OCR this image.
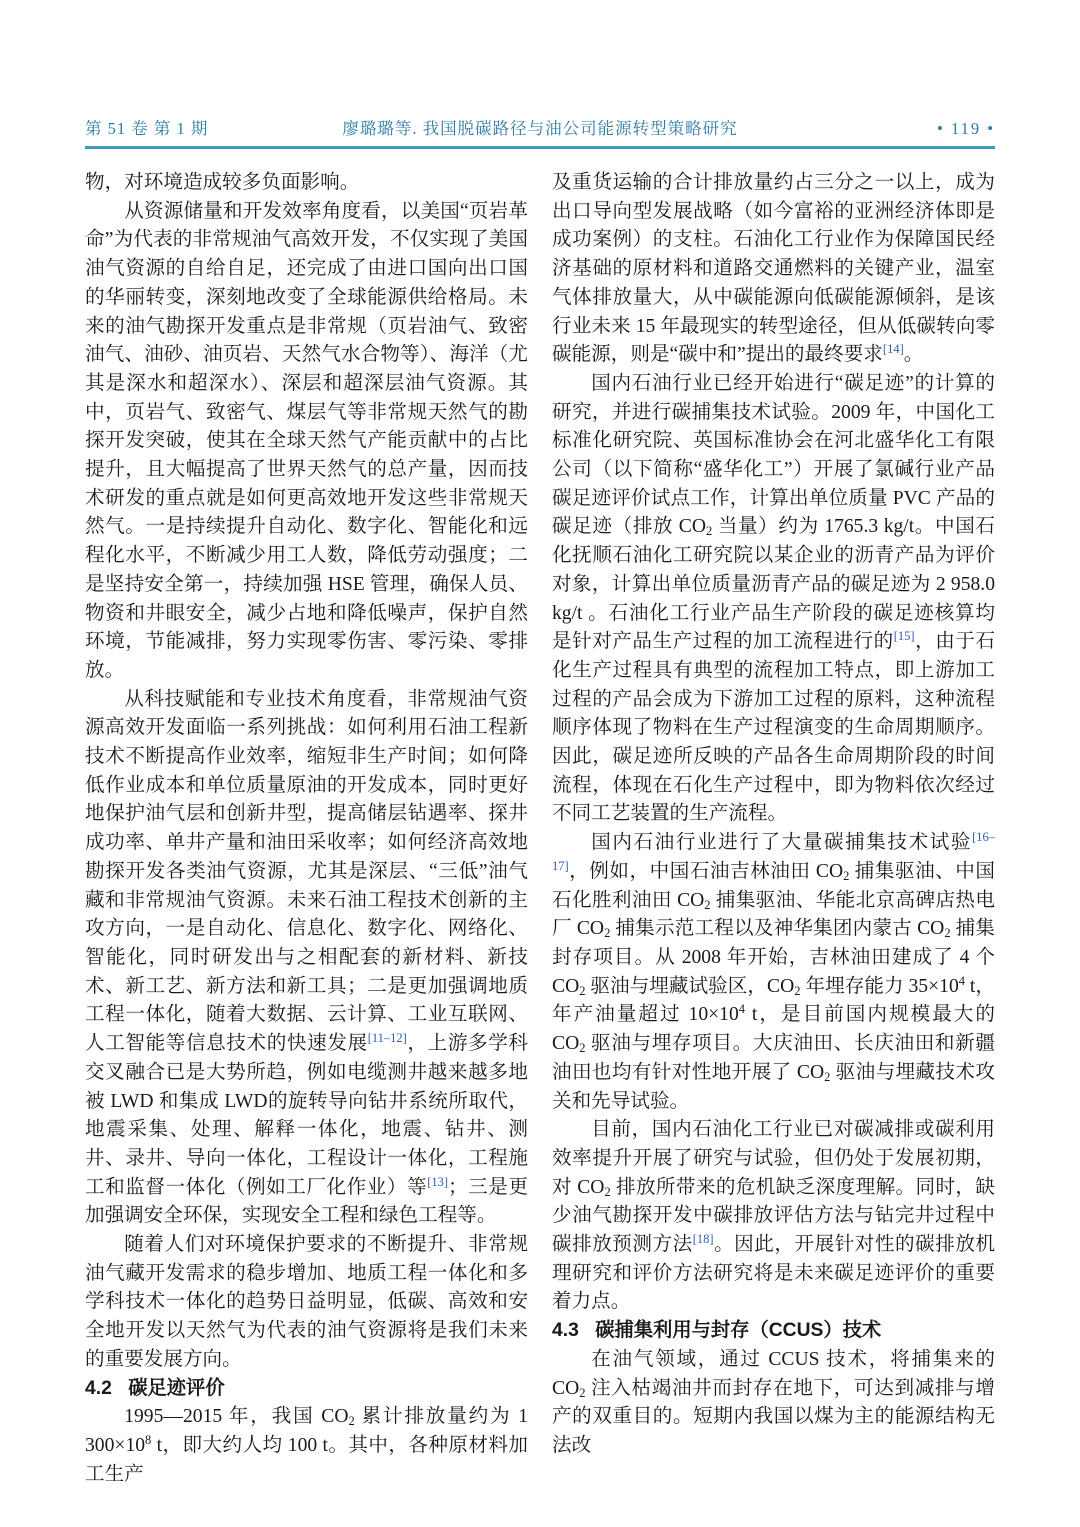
第 51 卷 第 1 期	廖璐璐等. 我国脱碳路径与油公司能源转型策略研究	• 119 •

物，对环境造成较多负面影响。

从资源储量和开发效率角度看，以美国“页岩革命”为代表的非常规油气高效开发，不仅实现了美国油气资源的自给自足，还完成了由进口国向出口国的华丽转变，深刻地改变了全球能源供给格局。未来的油气勘探开发重点是非常规（页岩油气、致密油气、油砂、油页岩、天然气水合物等）、海洋（尤其是深水和超深水）、深层和超深层油气资源。其中，页岩气、致密气、煤层气等非常规天然气的勘探开发突破，使其在全球天然气产能贡献中的占比提升，且大幅提高了世界天然气的总产量，因而技术研发的重点就是如何更高效地开发这些非常规天然气。一是持续提升自动化、数字化、智能化和远程化水平，不断减少用工人数，降低劳动强度；二是坚持安全第一，持续加强 HSE 管理，确保人员、物资和井眼安全，减少占地和降低噪声，保护自然环境，节能减排，努力实现零伤害、零污染、零排放。

从科技赋能和专业技术角度看，非常规油气资源高效开发面临一系列挑战：如何利用石油工程新技术不断提高作业效率，缩短非生产时间；如何降低作业成本和单位质量原油的开发成本，同时更好地保护油气层和创新井型，提高储层钻遇率、探井成功率、单井产量和油田采收率；如何经济高效地勘探开发各类油气资源，尤其是深层、“三低”油气藏和非常规油气资源。未来石油工程技术创新的主攻方向，一是自动化、信息化、数字化、网络化、智能化，同时研发出与之相配套的新材料、新技术、新工艺、新方法和新工具；二是更加强调地质工程一体化，随着大数据、云计算、工业互联网、人工智能等信息技术的快速发展[11–12]，上游多学科交叉融合已是大势所趋，例如电缆测井越来越多地被 LWD 和集成 LWD的旋转导向钻井系统所取代，地震采集、处理、解释一体化，地震、钻井、测井、录井、导向一体化，工程设计一体化，工程施工和监督一体化（例如工厂化作业）等[13]；三是更加强调安全环保，实现安全工程和绿色工程等。

随着人们对环境保护要求的不断提升、非常规油气藏开发需求的稳步增加、地质工程一体化和多学科技术一体化的趋势日益明显，低碳、高效和安全地开发以天然气为代表的油气资源将是我们未来的重要发展方向。

4.2 碳足迹评价

1995—2015 年，我国 $CO_2$ 累计排放量约为 1 $300\times 10^8$ t，即大约人均 100 t。其中，各种原材料加工生产

及重货运输的合计排放量约占三分之一以上，成为出口导向型发展战略（如今富裕的亚洲经济体即是成功案例）的支柱。石油化工行业作为保障国民经济基础的原材料和道路交通燃料的关键产业，温室气体排放量大，从中碳能源向低碳能源倾斜，是该行业未来 15 年最现实的转型途径，但从低碳转向零碳能源，则是“碳中和”提出的最终要求[14]。

国内石油行业已经开始进行“碳足迹”的计算的研究，并进行碳捕集技术试验。2009 年，中国化工标准化研究院、英国标准协会在河北盛华化工有限公司（以下简称“盛华化工”）开展了氯碱行业产品碳足迹评价试点工作，计算出单位质量 PVC 产品的碳足迹（排放 $CO_2$ 当量）约为 1765.3 kg/t。中国石化抚顺石油化工研究院以某企业的沥青产品为评价对象，计算出单位质量沥青产品的碳足迹为 2 958.0 kg/t 。石油化工行业产品生产阶段的碳足迹核算均是针对产品生产过程的加工流程进行的[15]，由于石化生产过程具有典型的流程加工特点，即上游加工过程的产品会成为下游加工过程的原料，这种流程顺序体现了物料在生产过程演变的生命周期顺序。因此，碳足迹所反映的产品各生命周期阶段的时间流程，体现在石化生产过程中，即为物料依次经过不同工艺装置的生产流程。

国内石油行业进行了大量碳捕集技术试验[16–17]，例如，中国石油吉林油田 $CO_2$ 捕集驱油、中国石化胜利油田 $CO_2$ 捕集驱油、华能北京高碑店热电厂 $CO_2$ 捕集示范工程以及神华集团内蒙古 $CO_2$ 捕集封存项目。从 2008 年开始，吉林油田建成了 4 个 $CO_2$ 驱油与埋藏试验区，$CO_2$ 年埋存能力 $35\times 10^4$ t，年产油量超过 $10\times 10^4$ t，是目前国内规模最大的 $CO_2$ 驱油与埋存项目。大庆油田、长庆油田和新疆油田也均有针对性地开展了 $CO_2$ 驱油与埋藏技术攻关和先导试验。

目前，国内石油化工行业已对碳减排或碳利用效率提升开展了研究与试验，但仍处于发展初期，对 $CO_2$ 排放所带来的危机缺乏深度理解。同时，缺少油气勘探开发中碳排放评估方法与钻完井过程中碳排放预测方法[18]。因此，开展针对性的碳排放机理研究和评价方法研究将是未来碳足迹评价的重要着力点。

4.3 碳捕集利用与封存（CCUS）技术

在油气领域，通过 CCUS 技术，将捕集来的 $CO_2$ 注入枯竭油井而封存在地下，可达到减排与增产的双重目的。短期内我国以煤为主的能源结构无法改
